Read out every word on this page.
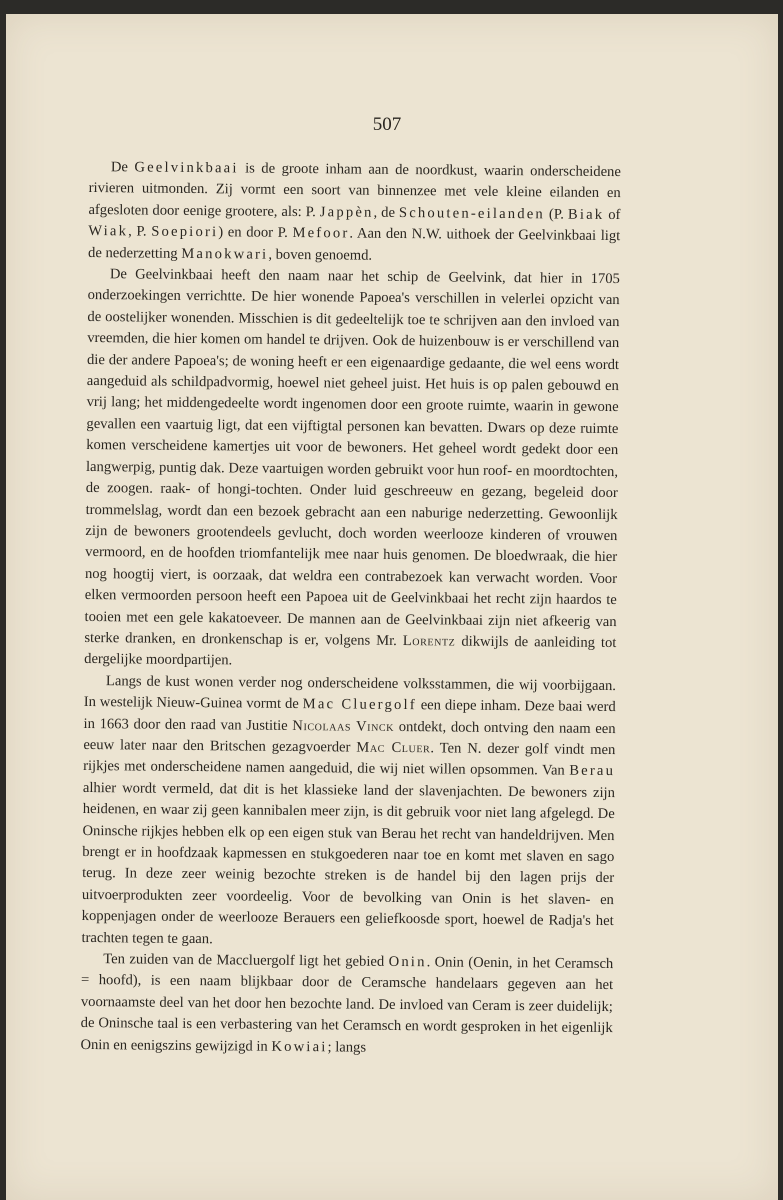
507

De Geelvinkbaai is de groote inham aan de noordkust, waarin onderscheidene rivieren uitmonden. Zij vormt een soort van binnenzee met vele kleine eilanden en afgesloten door eenige grootere, als: P. Jappèn, de Schouten-eilanden (P. Biak of Wiak, P. Soepiori) en door P. Mefoor. Aan den N.W. uithoek der Geelvinkbaai ligt de nederzetting Manokwari, boven genoemd.

De Geelvinkbaai heeft den naam naar het schip de Geelvink, dat hier in 1705 onderzoekingen verrichtte. De hier wonende Papoea's verschillen in velerlei opzicht van de oostelijker wonenden. Misschien is dit gedeeltelijk toe te schrijven aan den invloed van vreemden, die hier komen om handel te drijven. Ook de huizenbouw is er verschillend van die der andere Papoea's; de woning heeft er een eigenaardige gedaante, die wel eens wordt aangeduid als schildpadvormig, hoewel niet geheel juist. Het huis is op palen gebouwd en vrij lang; het middengedeelte wordt ingenomen door een groote ruimte, waarin in gewone gevallen een vaartuig ligt, dat een vijftigtal personen kan bevatten. Dwars op deze ruimte komen verscheidene kamertjes uit voor de bewoners. Het geheel wordt gedekt door een langwerpig, puntig dak. Deze vaartuigen worden gebruikt voor hun roof- en moordtochten, de zoogen. raak- of hongi-tochten. Onder luid geschreeuw en gezang, begeleid door trommelslag, wordt dan een bezoek gebracht aan een naburige nederzetting. Gewoonlijk zijn de bewoners grootendeels gevlucht, doch worden weerlooze kinderen of vrouwen vermoord, en de hoofden triomfantelijk mee naar huis genomen. De bloedwraak, die hier nog hoogtij viert, is oorzaak, dat weldra een contrabezoek kan verwacht worden. Voor elken vermoorden persoon heeft een Papoea uit de Geelvinkbaai het recht zijn haardos te tooien met een gele kakatoeveer. De mannen aan de Geelvinkbaai zijn niet afkeerig van sterke dranken, en dronkenschap is er, volgens Mr. Lorentz dikwijls de aanleiding tot dergelijke moordpartijen.

Langs de kust wonen verder nog onderscheidene volksstammen, die wij voorbijgaan. In westelijk Nieuw-Guinea vormt de Mac Cluergolf een diepe inham. Deze baai werd in 1663 door den raad van Justitie Nicolaas Vinck ontdekt, doch ontving den naam een eeuw later naar den Britschen gezagvoerder Mac Cluer. Ten N. dezer golf vindt men rijkjes met onderscheidene namen aangeduid, die wij niet willen opsommen. Van Berau alhier wordt vermeld, dat dit is het klassieke land der slavenjachten. De bewoners zijn heidenen, en waar zij geen kannibalen meer zijn, is dit gebruik voor niet lang afgelegd. De Oninsche rijkjes hebben elk op een eigen stuk van Berau het recht van handeldrijven. Men brengt er in hoofdzaak kapmessen en stukgoederen naar toe en komt met slaven en sago terug. In deze zeer weinig bezochte streken is de handel bij den lagen prijs der uitvoerprodukten zeer voordeelig. Voor de bevolking van Onin is het slaven- en koppenjagen onder de weerlooze Berauers een geliefkoosde sport, hoewel de Radja's het trachten tegen te gaan.

Ten zuiden van de Maccluergolf ligt het gebied Onin. Onin (Oenin, in het Ceramsch = hoofd), is een naam blijkbaar door de Ceramsche handelaars gegeven aan het voornaamste deel van het door hen bezochte land. De invloed van Ceram is zeer duidelijk; de Oninsche taal is een verbastering van het Ceramsch en wordt gesproken in het eigenlijk Onin en eenigszins gewijzigd in Kowiai; langs
